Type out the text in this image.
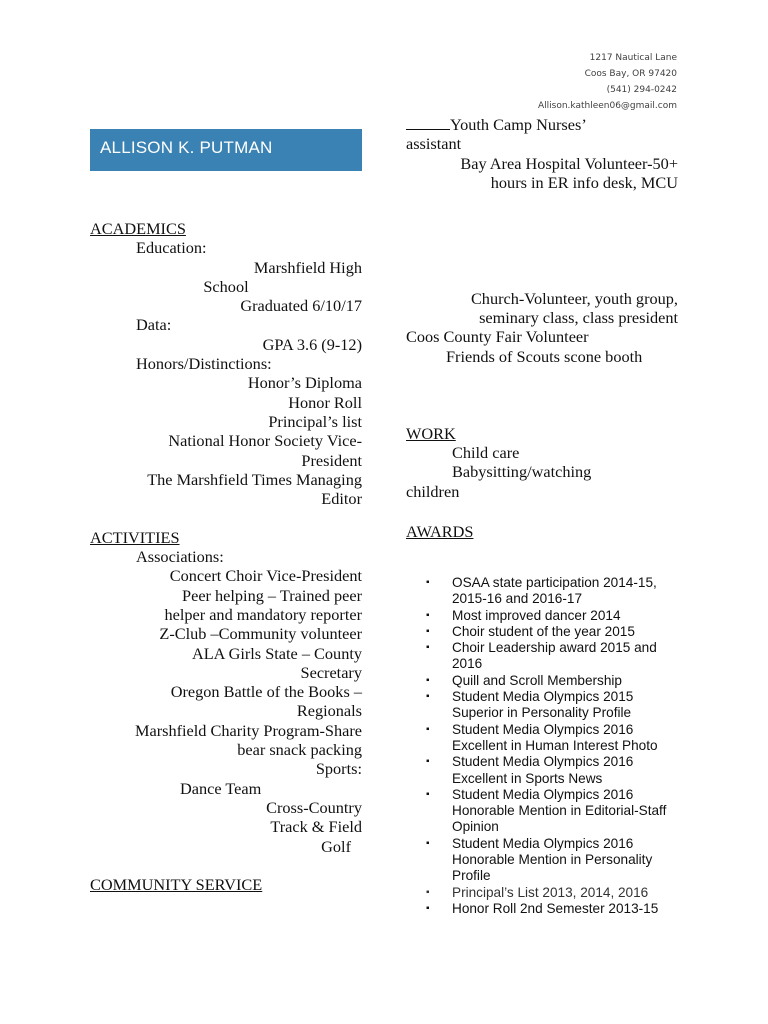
1217 Nautical Lane
Coos Bay, OR 97420
(541) 294-0242
Allison.kathleen06@gmail.com
ALLISON K. PUTMAN
ACADEMICS
Education:
Marshfield High
School
Graduated 6/10/17
Data:
GPA 3.6 (9-12)
Honors/Distinctions:
Honor’s Diploma
Honor Roll
Principal’s list
National Honor Society Vice-
President
The Marshfield Times Managing
Editor
ACTIVITIES
Associations:
Concert Choir Vice-President
Peer helping – Trained peer
helper and mandatory reporter
Z-Club –Community volunteer
ALA Girls State – County
Secretary
Oregon Battle of the Books –
Regionals
Marshfield Charity Program-Share
bear snack packing
Sports:
Dance Team
Cross-Country
Track & Field
Golf
COMMUNITY SERVICE
Youth Camp Nurses’
assistant
Bay Area Hospital Volunteer-50+
hours in ER info desk, MCU
Church-Volunteer, youth group,
seminary class, class president
Coos County Fair Volunteer
Friends of Scouts scone booth
WORK
Child care
Babysitting/watching
children
AWARDS
▪ OSAA state participation 2014-15, 2015-16 and 2016-17
▪ Most improved dancer 2014
▪ Choir student of the year 2015
▪ Choir Leadership award 2015 and 2016
▪ Quill and Scroll Membership
▪ Student Media Olympics 2015 Superior in Personality Profile
▪ Student Media Olympics 2016 Excellent in Human Interest Photo
▪ Student Media Olympics 2016 Excellent in Sports News
▪ Student Media Olympics 2016 Honorable Mention in Editorial-Staff Opinion
▪ Student Media Olympics 2016 Honorable Mention in Personality Profile
▪ Principal’s List 2013, 2014, 2016
▪ Honor Roll 2nd Semester 2013-15
